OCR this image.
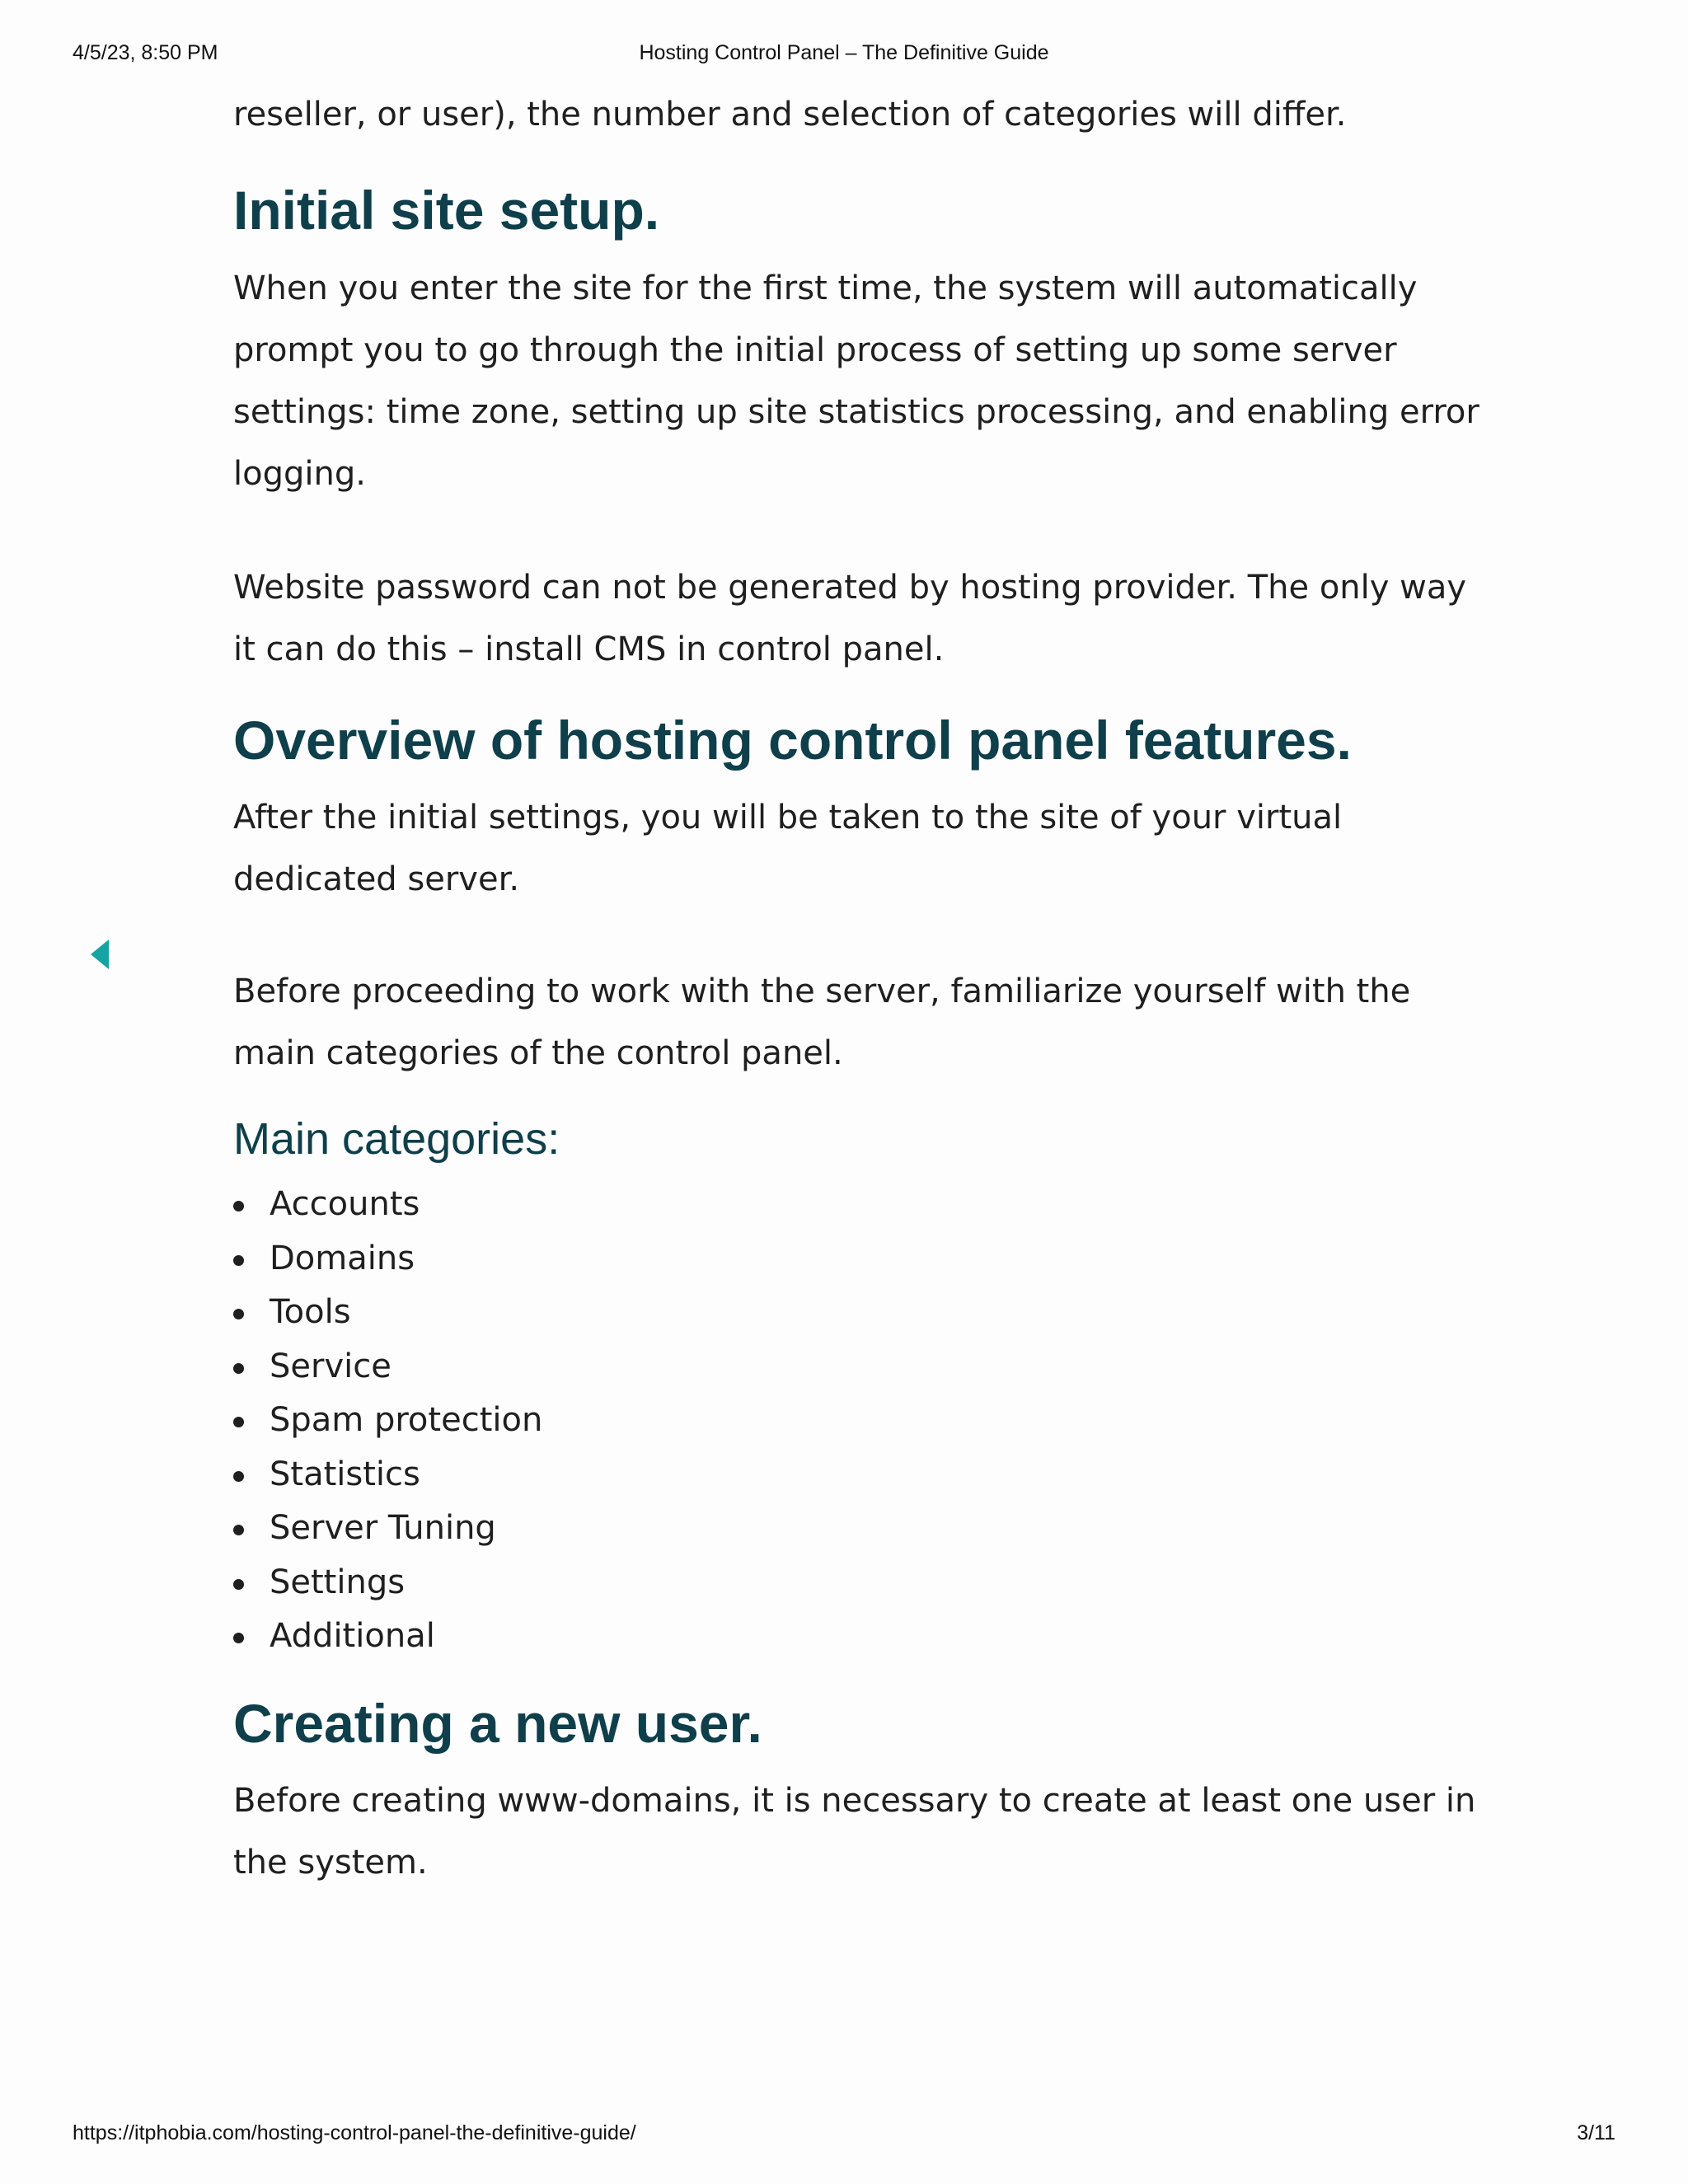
Hosting Control Panel – The Definitive Guide
4/5/23, 8:50 PM

reseller, or user), the number and selection of categories will differ.

Initial site setup.

When you enter the site for the first time, the system will automatically prompt you to go through the initial process of setting up some server settings: time zone, setting up site statistics processing, and enabling error logging.

Website password can not be generated by hosting provider. The only way it can do this – install CMS in control panel.

Overview of hosting control panel features.

After the initial settings, you will be taken to the site of your virtual dedicated server.

Before proceeding to work with the server, familiarize yourself with the main categories of the control panel.

Main categories:
Accounts
Domains
Tools
Service
Spam protection
Statistics
Server Tuning
Settings
Additional
Creating a new user.

Before creating www-domains, it is necessary to create at least one user in the system.

https://itphobia.com/hosting-control-panel-the-definitive-guide/	3/11
